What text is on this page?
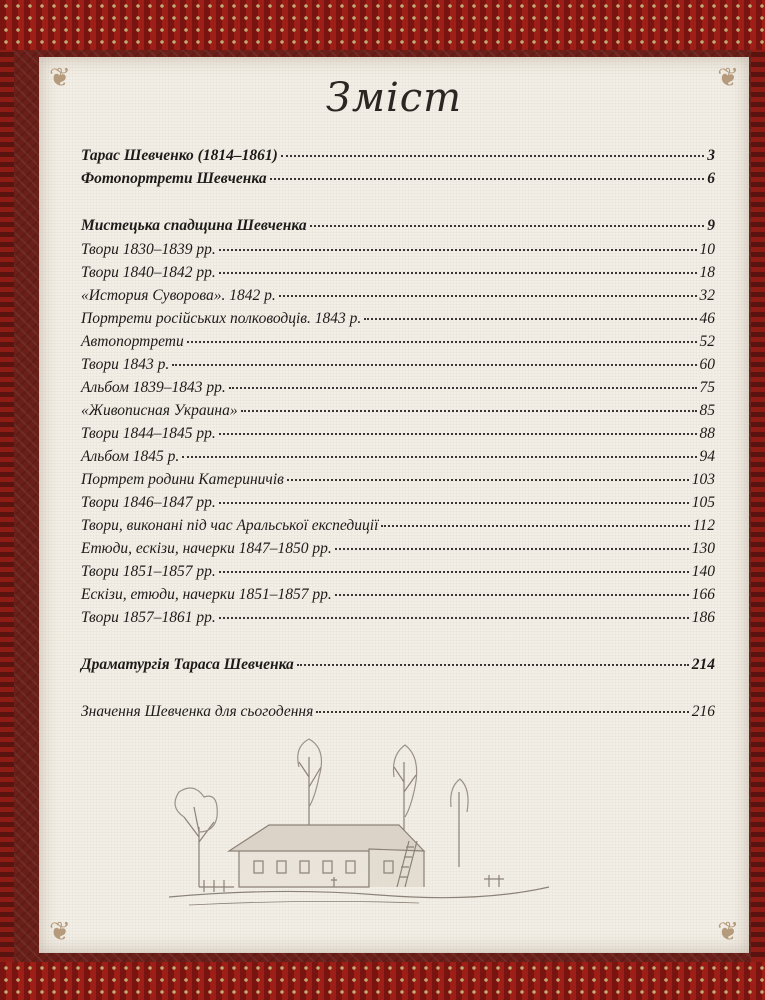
❦	❦
❦	❦
Зміст
Тарас Шевченко (1814–1861)	3
Фотопортрети Шевченка	6
Мистецька спадщина Шевченка	9
Твори 1830–1839 рр.	10
Твори 1840–1842 рр.	18
«История Суворова». 1842 р.	32
Портрети російських полководців. 1843 р.	46
Автопортрети	52
Твори 1843 р.	60
Альбом 1839–1843 рр.	75
«Живописная Украина»	85
Твори 1844–1845 рр.	88
Альбом 1845 р.	94
Портрет родини Катериничів	103
Твори 1846–1847 рр.	105
Твори, виконані під час Аральської експедиції	112
Етюди, ескізи, начерки 1847–1850 рр.	130
Твори 1851–1857 рр.	140
Ескізи, етюди, начерки 1851–1857 рр.	166
Твори 1857–1861 рр.	186
Драматургія Тараса Шевченка	214
Значення Шевченка для сьогодення	216
